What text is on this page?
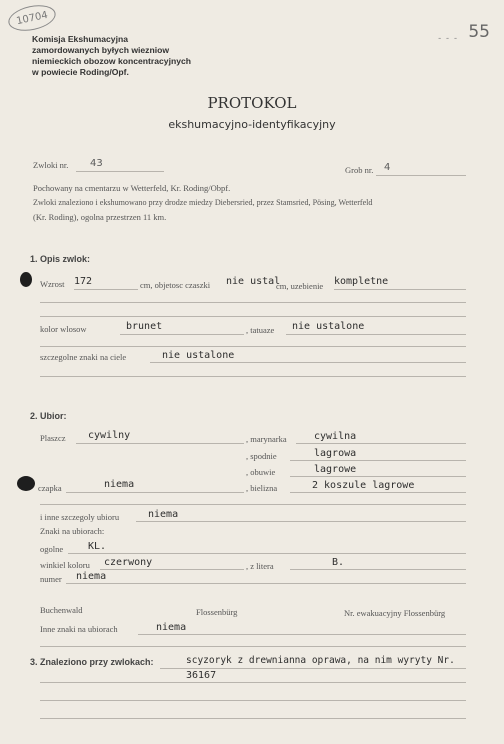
10704
- - - 55
Komisja Ekshumacyjna
zamordowanych byłych wiezniow
niemieckich obozow koncentracyjnych
w powiecie Roding/Opf.
PROTOKOL
ekshumacyjno-identyfikacyjny
Zwloki nr. 43
Grob nr. 4
Pochowany na cmentarzu w Wetterfeld, Kr. Roding/Obpf.
Zwloki znaleziono i ekshumowano przy drodze miedzy Diebersried, przez Stamsried, Pösing, Wetterfeld
(Kr. Roding), ogolna przestrzen 11 km.
1. Opis zwlok:
Wzrost 172	cm, objetosc czaszki nie ustal
cm, uzebienie kompletne
kolor wlosow	brunet	, tatuaze nie ustalone
szczegolne znaki na ciele	nie ustalone
2. Ubior:
Plaszcz cywilny	, marynarka	cywilna
, spodnie	lagrowa
, obuwie	lagrowe
czapka	niema	, bielizna	2 koszule lagrowe
i inne szczegoly ubioru	niema
Znaki na ubiorach:
ogolne KL.
winkiel koloru czerwony	, z litera	B.
numer niema
Buchenwald	Flossenbürg	Nr. ewakuacyjny Flossenbürg
Inne znaki na ubiorach	niema
3. Znaleziono przy zwlokach:	scyzoryk z drewnianna oprawa, na nim wyryty Nr.
36167
